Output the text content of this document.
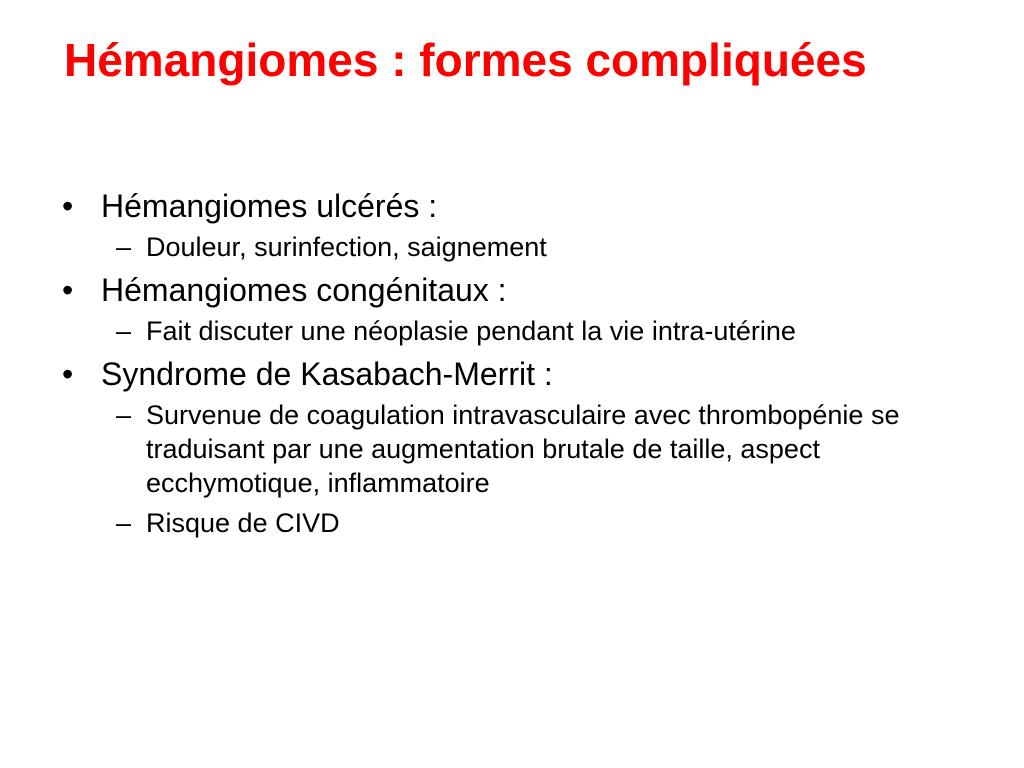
Hémangiomes : formes compliquées
• Hémangiomes ulcérés :
– Douleur, surinfection, saignement
• Hémangiomes congénitaux :
– Fait discuter une néoplasie pendant la vie intra-utérine
• Syndrome de Kasabach-Merrit :
– Survenue de coagulation intravasculaire avec thrombopénie se traduisant par une augmentation brutale de taille, aspect ecchymotique, inflammatoire
– Risque de CIVD
